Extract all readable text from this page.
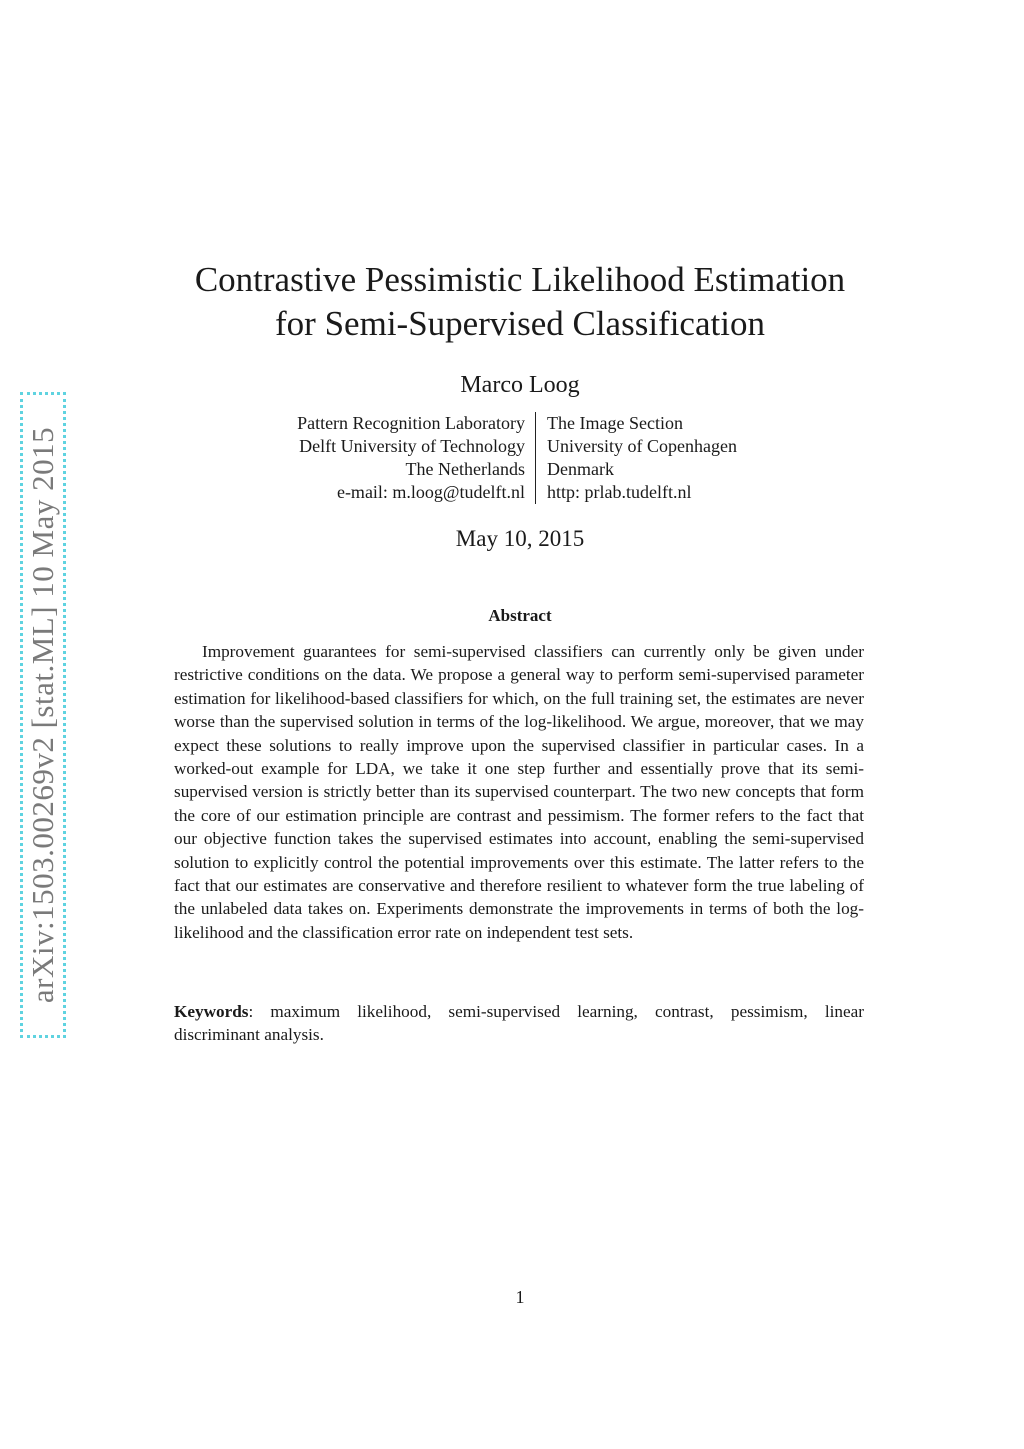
arXiv:1503.00269v2 [stat.ML] 10 May 2015
Contrastive Pessimistic Likelihood Estimation
for Semi-Supervised Classification
Marco Loog
Pattern Recognition Laboratory
Delft University of Technology
The Netherlands
e-mail: m.loog@tudelft.nl
The Image Section
University of Copenhagen
Denmark
http: prlab.tudelft.nl
May 10, 2015
Abstract

Improvement guarantees for semi-supervised classifiers can currently only be given under restrictive conditions on the data. We propose a general way to perform semi-supervised parameter estimation for likelihood-based classifiers for which, on the full training set, the estimates are never worse than the supervised solution in terms of the log-likelihood. We argue, moreover, that we may expect these solutions to really improve upon the supervised classifier in particular cases. In a worked-out example for LDA, we take it one step further and essentially prove that its semi-supervised version is strictly better than its supervised counterpart. The two new concepts that form the core of our estimation principle are contrast and pessimism. The former refers to the fact that our objective function takes the supervised estimates into account, enabling the semi-supervised solution to explicitly control the potential improvements over this estimate. The latter refers to the fact that our estimates are conservative and therefore resilient to whatever form the true labeling of the unlabeled data takes on. Experiments demonstrate the improvements in terms of both the log-likelihood and the classification error rate on independent test sets.

Keywords: maximum likelihood, semi-supervised learning, contrast, pessimism, linear discriminant analysis.

1
